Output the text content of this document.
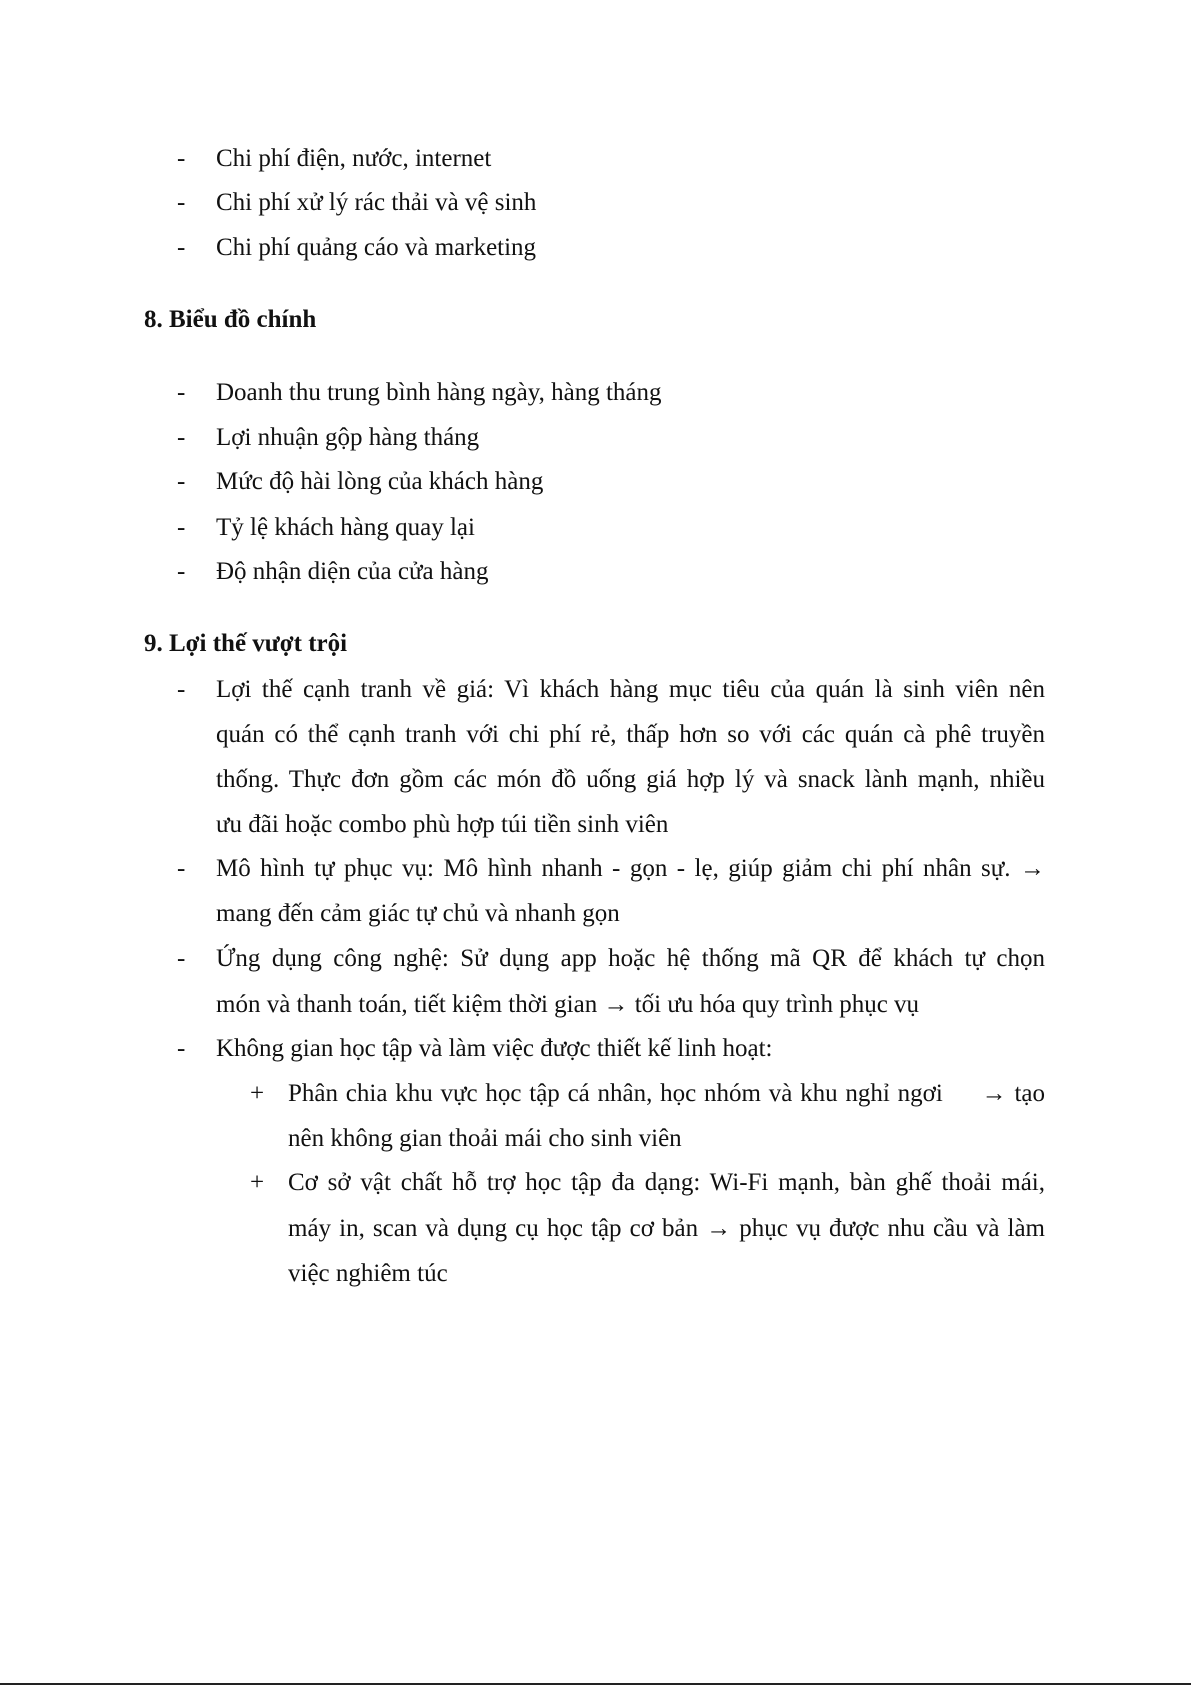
- Chi phí điện, nước, internet
- Chi phí xử lý rác thải và vệ sinh
- Chi phí quảng cáo và marketing
8. Biểu đồ chính
- Doanh thu trung bình hàng ngày, hàng tháng
- Lợi nhuận gộp hàng tháng
- Mức độ hài lòng của khách hàng
- Tỷ lệ khách hàng quay lại
- Độ nhận diện của cửa hàng
9. Lợi thế vượt trội
- Lợi thế cạnh tranh về giá: Vì khách hàng mục tiêu của quán là sinh viên nên
quán có thể cạnh tranh với chi phí rẻ, thấp hơn so với các quán cà phê truyền
thống. Thực đơn gồm các món đồ uống giá hợp lý và snack lành mạnh, nhiều
ưu đãi hoặc combo phù hợp túi tiền sinh viên
- Mô hình tự phục vụ: Mô hình nhanh - gọn - lẹ, giúp giảm chi phí nhân sự. →
mang đến cảm giác tự chủ và nhanh gọn
- Ứng dụng công nghệ: Sử dụng app hoặc hệ thống mã QR để khách tự chọn
món và thanh toán, tiết kiệm thời gian → tối ưu hóa quy trình phục vụ
- Không gian học tập và làm việc được thiết kế linh hoạt:
+ Phân chia khu vực học tập cá nhân, học nhóm và khu nghỉ ngơi     → tạo
nên không gian thoải mái cho sinh viên
+ Cơ sở vật chất hỗ trợ học tập đa dạng: Wi-Fi mạnh, bàn ghế thoải mái,
máy in, scan và dụng cụ học tập cơ bản → phục vụ được nhu cầu và làm
việc nghiêm túc
